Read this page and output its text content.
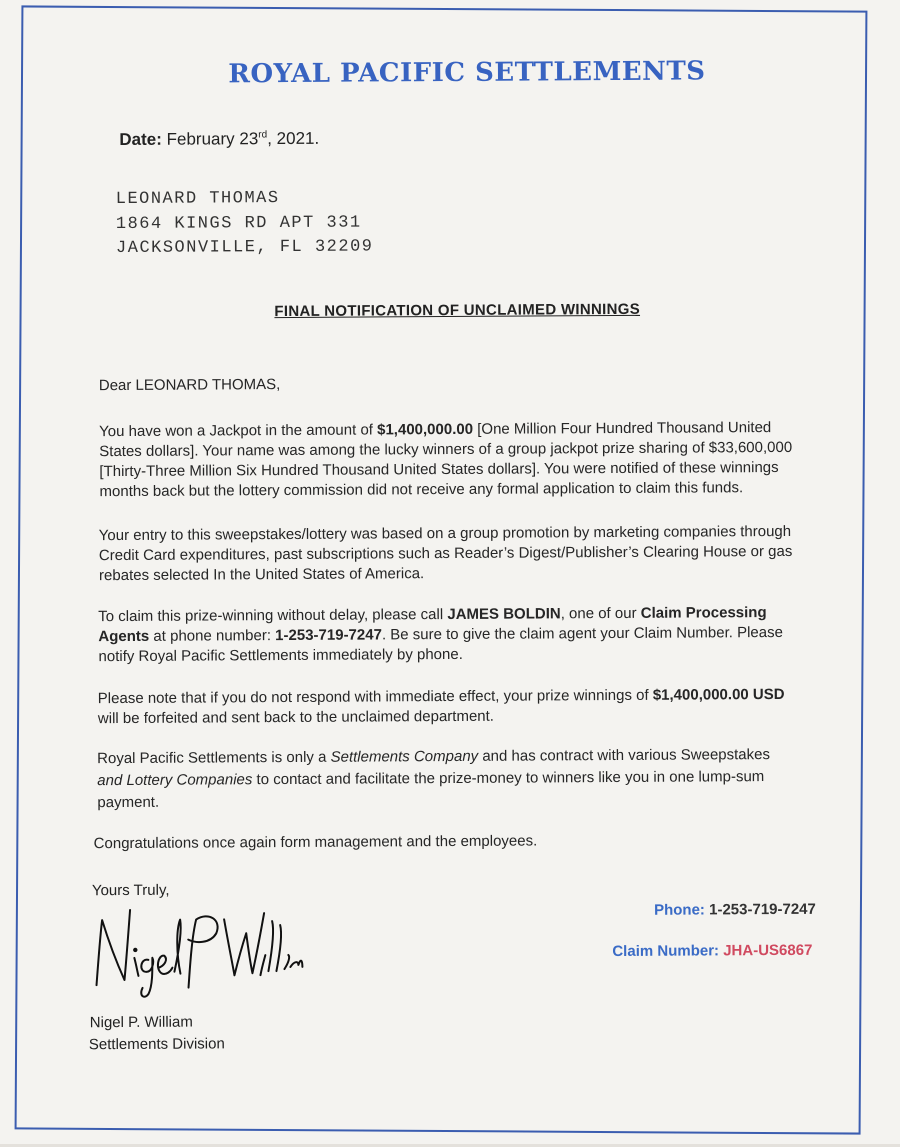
ROYAL PACIFIC SETTLEMENTS
Date: February 23rd, 2021.
LEONARD THOMAS
1864 KINGS RD APT 331
JACKSONVILLE, FL 32209
FINAL NOTIFICATION OF UNCLAIMED WINNINGS
Dear LEONARD THOMAS,
You have won a Jackpot in the amount of $1,400,000.00 [One Million Four Hundred Thousand United
States dollars]. Your name was among the lucky winners of a group jackpot prize sharing of $33,600,000
[Thirty-Three Million Six Hundred Thousand United States dollars]. You were notified of these winnings
months back but the lottery commission did not receive any formal application to claim this funds.
Your entry to this sweepstakes/lottery was based on a group promotion by marketing companies through
Credit Card expenditures, past subscriptions such as Reader’s Digest/Publisher’s Clearing House or gas
rebates selected In the United States of America.
To claim this prize-winning without delay, please call JAMES BOLDIN, one of our Claim Processing
Agents at phone number: 1-253-719-7247. Be sure to give the claim agent your Claim Number. Please
notify Royal Pacific Settlements immediately by phone.
Please note that if you do not respond with immediate effect, your prize winnings of $1,400,000.00 USD
will be forfeited and sent back to the unclaimed department.
Royal Pacific Settlements is only a Settlements Company and has contract with various Sweepstakes
and Lottery Companies to contact and facilitate the prize-money to winners like you in one lump-sum
payment.
Congratulations once again form management and the employees.
Yours Truly,
Nigel P. William
Settlements Division
Phone: 1-253-719-7247
Claim Number: JHA-US6867
